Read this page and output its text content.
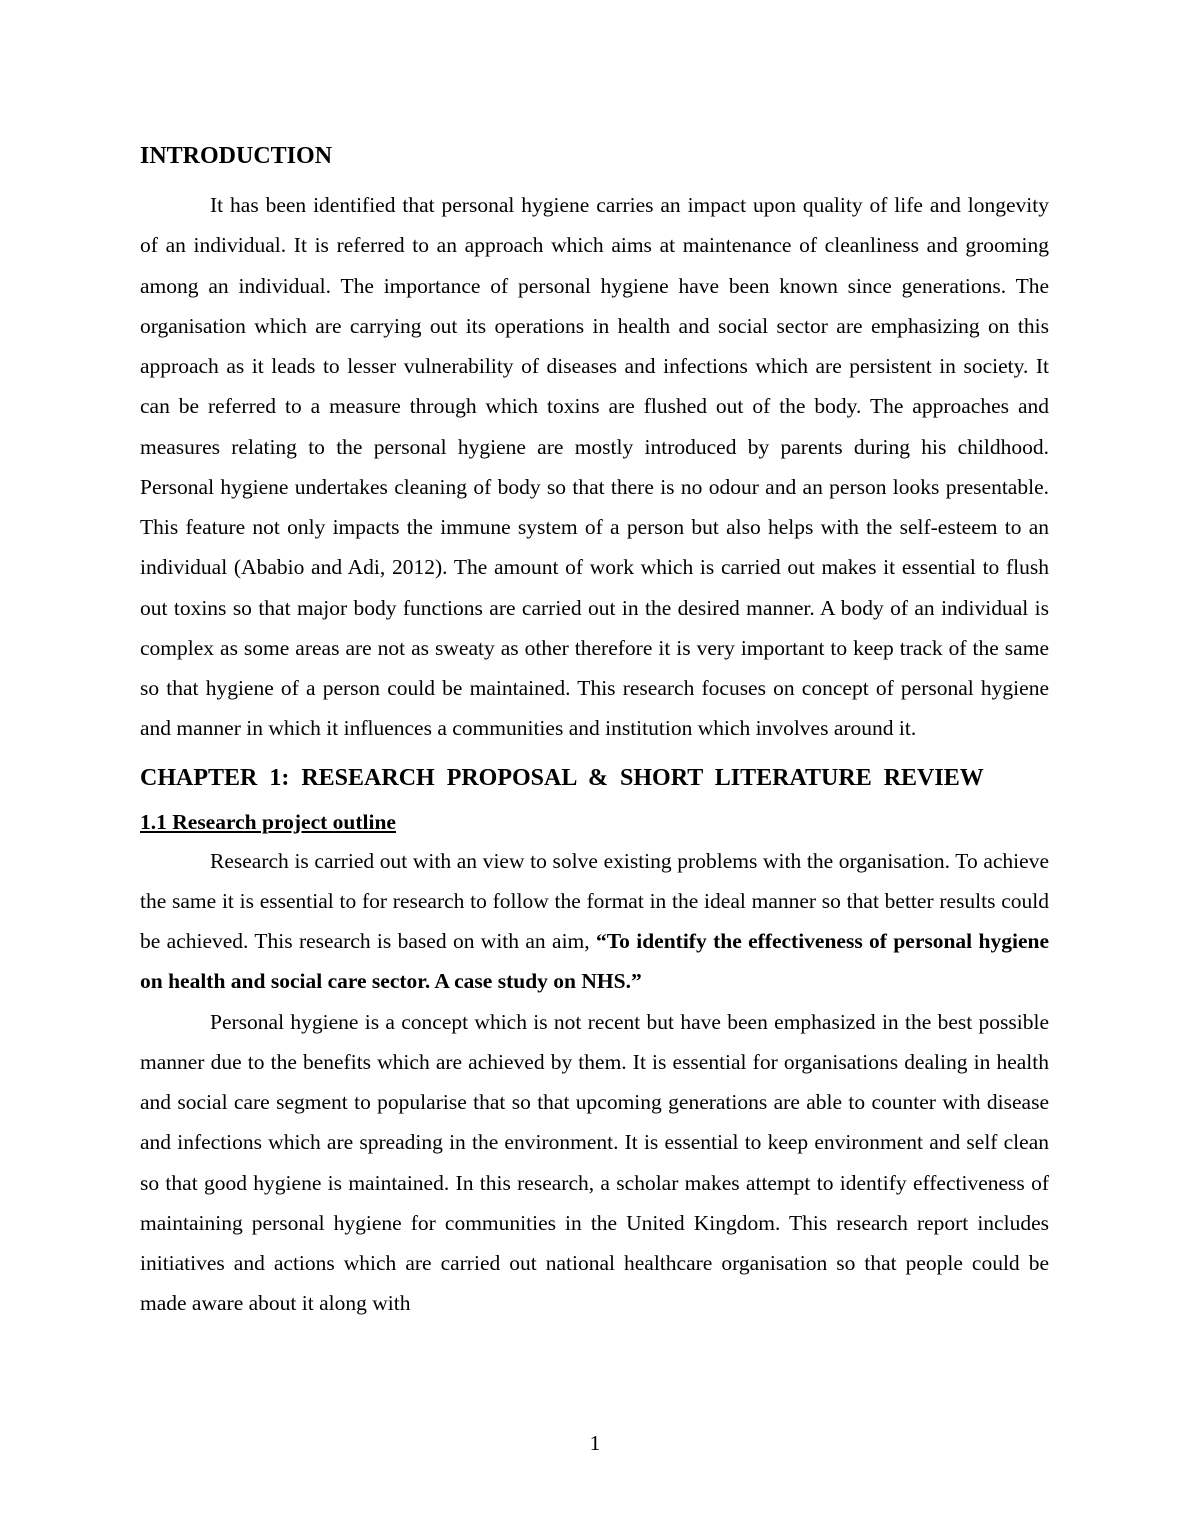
INTRODUCTION

It has been identified that personal hygiene carries an impact upon quality of life and longevity of an individual. It is referred to an approach which aims at maintenance of cleanliness and grooming among an individual. The importance of personal hygiene have been known since generations. The organisation which are carrying out its operations in health and social sector are emphasizing on this approach as it leads to lesser vulnerability of diseases and infections which are persistent in society. It can be referred to a measure through which toxins are flushed out of the body. The approaches and measures relating to the personal hygiene are mostly introduced by parents during his childhood. Personal hygiene undertakes cleaning of body so that there is no odour and an person looks presentable. This feature not only impacts the immune system of a person but also helps with the self-esteem to an individual (Ababio and Adi, 2012). The amount of work which is carried out makes it essential to flush out toxins so that major body functions are carried out in the desired manner. A body of an individual is complex as some areas are not as sweaty as other therefore it is very important to keep track of the same so that hygiene of a person could be maintained. This research focuses on concept of personal hygiene and manner in which it influences a communities and institution which involves around it.

CHAPTER 1: RESEARCH PROPOSAL & SHORT LITERATURE REVIEW
1.1 Research project outline

Research is carried out with an view to solve existing problems with the organisation. To achieve the same it is essential to for research to follow the format in the ideal manner so that better results could be achieved. This research is based on with an aim, “To identify the effectiveness of personal hygiene on health and social care sector. A case study on NHS.”

Personal hygiene is a concept which is not recent but have been emphasized in the best possible manner due to the benefits which are achieved by them. It is essential for organisations dealing in health and social care segment to popularise that so that upcoming generations are able to counter with disease and infections which are spreading in the environment. It is essential to keep environment and self clean so that good hygiene is maintained. In this research, a scholar makes attempt to identify effectiveness of maintaining personal hygiene for communities in the United Kingdom. This research report includes initiatives and actions which are carried out national healthcare organisation so that people could be made aware about it along with

1
